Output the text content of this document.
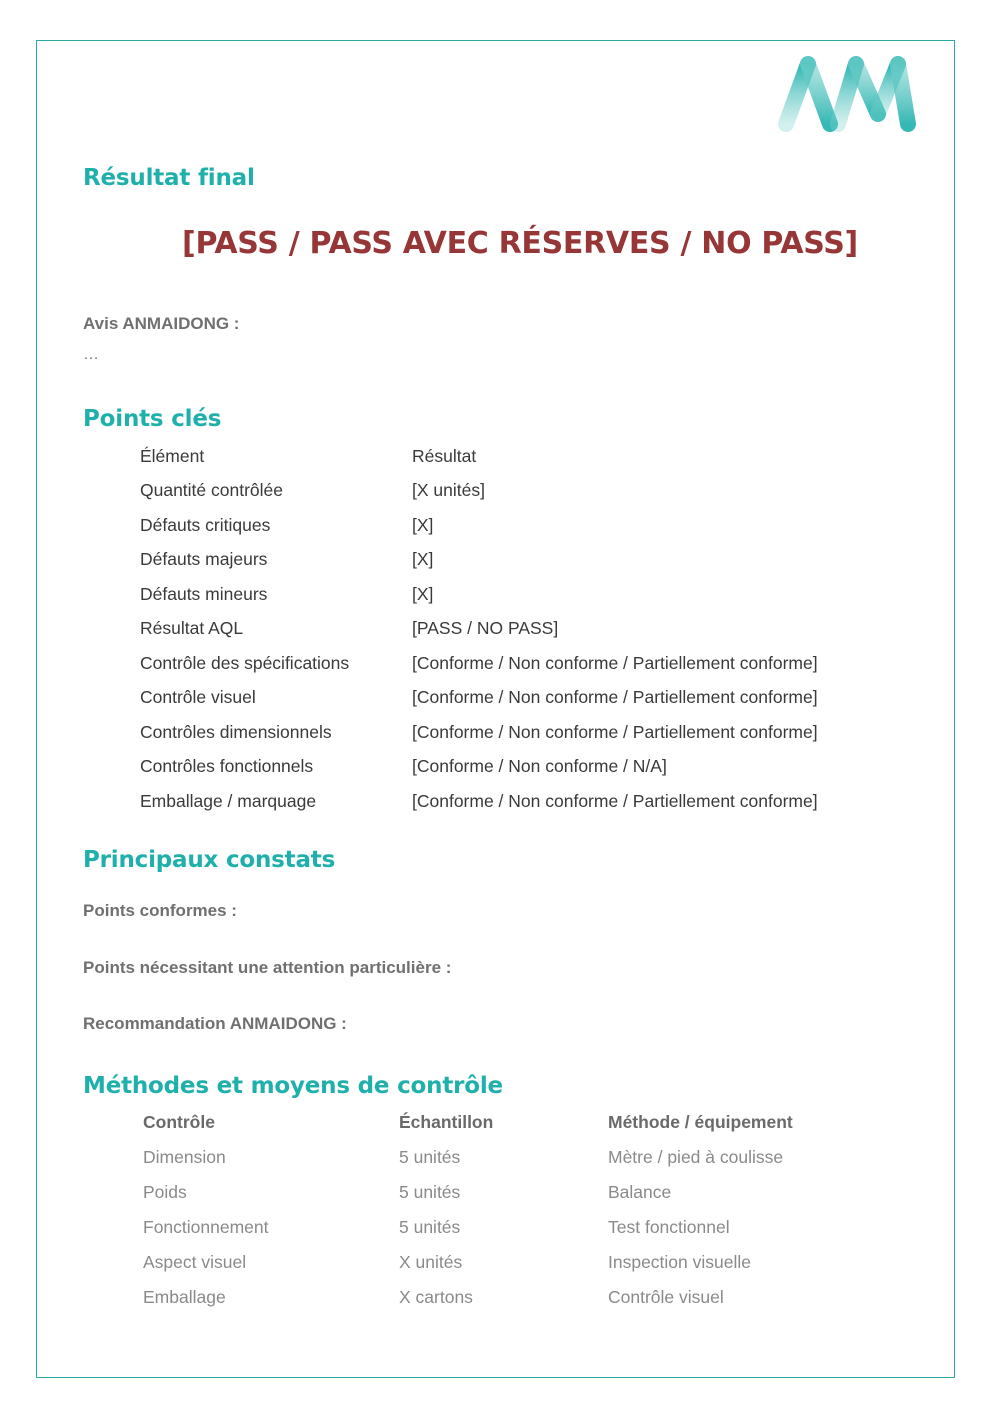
Résultat final
[PASS / PASS AVEC RÉSERVES / NO PASS]
Avis ANMAIDONG :
…
Points clés
Élément	Résultat
Quantité contrôlée	[X unités]
Défauts critiques	[X]
Défauts majeurs	[X]
Défauts mineurs	[X]
Résultat AQL	[PASS / NO PASS]
Contrôle des spécifications	[Conforme / Non conforme / Partiellement conforme]
Contrôle visuel	[Conforme / Non conforme / Partiellement conforme]
Contrôles dimensionnels	[Conforme / Non conforme / Partiellement conforme]
Contrôles fonctionnels	[Conforme / Non conforme / N/A]
Emballage / marquage	[Conforme / Non conforme / Partiellement conforme]
Principaux constats
Points conformes :
Points nécessitant une attention particulière :
Recommandation ANMAIDONG :
Méthodes et moyens de contrôle
Contrôle	Échantillon	Méthode / équipement
Dimension	5 unités	Mètre / pied à coulisse
Poids	5 unités	Balance
Fonctionnement	5 unités	Test fonctionnel
Aspect visuel	X unités	Inspection visuelle
Emballage	X cartons	Contrôle visuel
